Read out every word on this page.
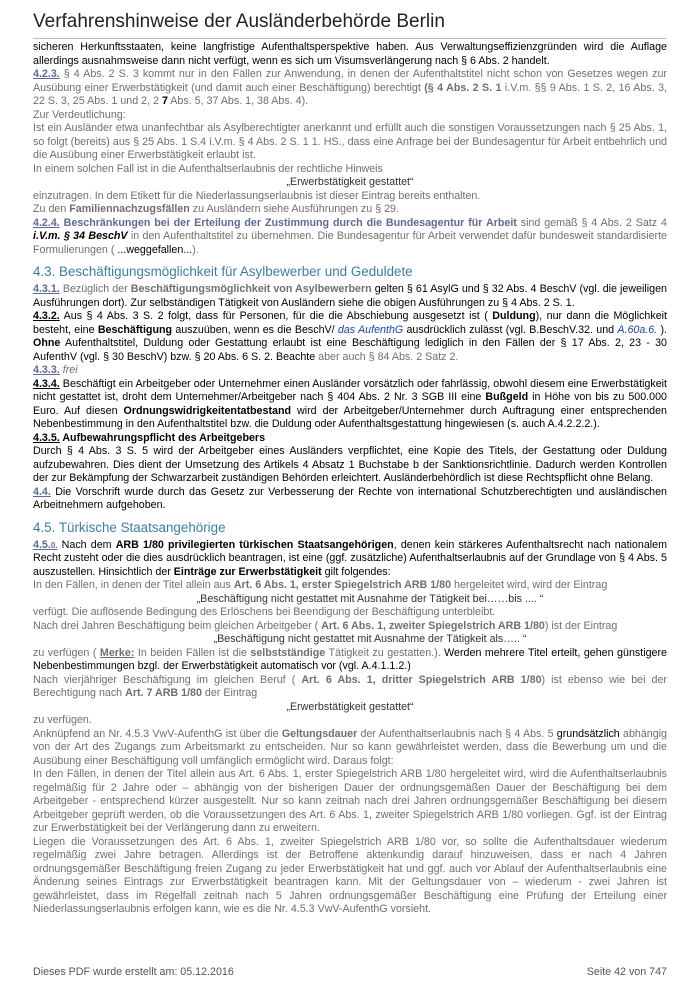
Verfahrenshinweise der Ausländerbehörde Berlin

sicheren Herkunftsstaaten, keine langfristige Aufenthaltsperspektive haben. Aus Verwaltungseffizienzgründen wird die Auflage allerdings ausnahmsweise dann nicht verfügt, wenn es sich um Visumsverlängerung nach § 6 Abs. 2 handelt.

4.2.3. § 4 Abs. 2 S. 3 kommt nur in den Fällen zur Anwendung, in denen der Aufenthaltstitel nicht schon von Gesetzes wegen zur Ausübung einer Erwerbstätigkeit (und damit auch einer Beschäftigung) berechtigt (§ 4 Abs. 2 S. 1 i.V.m. §§ 9 Abs. 1 S. 2, 16 Abs. 3, 22 S. 3, 25 Abs. 1 und 2, 2 7 Abs. 5, 37 Abs. 1, 38 Abs. 4).

Zur Verdeutlichung:

Ist ein Ausländer etwa unanfechtbar als Asylberechtigter anerkannt und erfüllt auch die sonstigen Voraussetzungen nach § 25 Abs. 1, so folgt (bereits) aus § 25 Abs. 1 S.4 i.V.m. § 4 Abs. 2 S. 1 1. HS., dass eine Anfrage bei der Bundesagentur für Arbeit entbehrlich und die Ausübung einer Erwerbstätigkeit erlaubt ist.

In einem solchen Fall ist in die Aufenthaltserlaubnis der rechtliche Hinweis

„Erwerbstätigkeit gestattet“

einzutragen. In dem Etikett für die Niederlassungserlaubnis ist dieser Eintrag bereits enthalten.

Zu den Familiennachzugsfällen zu Ausländern siehe Ausführungen zu § 29.

4.2.4. Beschränkungen bei der Erteilung der Zustimmung durch die Bundesagentur für Arbeit sind gemäß § 4 Abs. 2 Satz 4 i.V.m. § 34 BeschV in den Aufenthaltstitel zu übernehmen. Die Bundesagentur für Arbeit verwendet dafür bundesweit standardisierte Formulierungen ( ...weggefallen...).

4.3. Beschäftigungsmöglichkeit für Asylbewerber und Geduldete

4.3.1. Bezüglich der Beschäftigungsmöglichkeit von Asylbewerbern gelten § 61 AsylG und § 32 Abs. 4 BeschV (vgl. die jeweiligen Ausführungen dort). Zur selbständigen Tätigkeit von Ausländern siehe die obigen Ausführungen zu § 4 Abs. 2 S. 1.

4.3.2. Aus § 4 Abs. 3 S. 2 folgt, dass für Personen, für die die Abschiebung ausgesetzt ist ( Duldung), nur dann die Möglichkeit besteht, eine Beschäftigung auszuüben, wenn es die BeschV/ das AufenthG ausdrücklich zulässt (vgl. B.BeschV.32. und A.60a.6. ). Ohne Aufenthaltstitel, Duldung oder Gestattung erlaubt ist eine Beschäftigung lediglich in den Fällen der § 17 Abs. 2, 23 - 30 AufenthV (vgl. § 30 BeschV) bzw. § 20 Abs. 6 S. 2. Beachte aber auch § 84 Abs. 2 Satz 2.

4.3.3. frei

4.3.4. Beschäftigt ein Arbeitgeber oder Unternehmer einen Ausländer vorsätzlich oder fahrlässig, obwohl diesem eine Erwerbstätigkeit nicht gestattet ist, droht dem Unternehmer/Arbeitgeber nach § 404 Abs. 2 Nr. 3 SGB III eine Bußgeld in Höhe von bis zu 500.000 Euro. Auf diesen Ordnungswidrigkeitentatbestand wird der Arbeitgeber/Unternehmer durch Auftragung einer entsprechenden Nebenbestimmung in den Aufenthaltstitel bzw. die Duldung oder Aufenthaltsgestattung hingewiesen (s. auch A.4.2.2.2.).

4.3.5. Aufbewahrungspflicht des Arbeitgebers

Durch § 4 Abs. 3 S. 5 wird der Arbeitgeber eines Ausländers verpflichtet, eine Kopie des Titels, der Gestattung oder Duldung aufzubewahren. Dies dient der Umsetzung des Artikels 4 Absatz 1 Buchstabe b der Sanktionsrichtlinie. Dadurch werden Kontrollen der zur Bekämpfung der Schwarzarbeit zuständigen Behörden erleichtert. Ausländerbehördlich ist diese Rechtspflicht ohne Belang.

4.4. Die Vorschrift wurde durch das Gesetz zur Verbesserung der Rechte von international Schutzberechtigten und ausländischen Arbeitnehmern aufgehoben.

4.5. Türkische Staatsangehörige

4.5.0. Nach dem ARB 1/80 privilegierten türkischen Staatsangehörigen, denen kein stärkeres Aufenthaltsrecht nach nationalem Recht zusteht oder die dies ausdrücklich beantragen, ist eine (ggf. zusätzliche) Aufenthaltserlaubnis auf der Grundlage von § 4 Abs. 5 auszustellen. Hinsichtlich der Einträge zur Erwerbstätigkeit gilt folgendes:

In den Fällen, in denen der Titel allein aus Art. 6 Abs. 1, erster Spiegelstrich ARB 1/80 hergeleitet wird, wird der Eintrag

„Beschäftigung nicht gestattet mit Ausnahme der Tätigkeit bei……bis .... “

verfügt. Die auflösende Bedingung des Erlöschens bei Beendigung der Beschäftigung unterbleibt.

Nach drei Jahren Beschäftigung beim gleichen Arbeitgeber ( Art. 6 Abs. 1, zweiter Spiegelstrich ARB 1/80) ist der Eintrag

„Beschäftigung nicht gestattet mit Ausnahme der Tätigkeit als….. “

zu verfügen ( Merke: In beiden Fällen ist die selbstständige Tätigkeit zu gestatten.). Werden mehrere Titel erteilt, gehen günstigere Nebenbestimmungen bzgl. der Erwerbstätigkeit automatisch vor (vgl. A.4.1.1.2.)

Nach vierjähriger Beschäftigung im gleichen Beruf ( Art. 6 Abs. 1, dritter Spiegelstrich ARB 1/80) ist ebenso wie bei der Berechtigung nach Art. 7 ARB 1/80 der Eintrag

„Erwerbstätigkeit gestattet“

zu verfügen.

Anknüpfend an Nr. 4.5.3 VwV-AufenthG ist über die Geltungsdauer der Aufenthaltserlaubnis nach § 4 Abs. 5 grundsätzlich abhängig von der Art des Zugangs zum Arbeitsmarkt zu entscheiden. Nur so kann gewährleistet werden, dass die Bewerbung um und die Ausübung einer Beschäftigung voll umfänglich ermöglicht wird. Daraus folgt:

In den Fällen, in denen der Titel allein aus Art. 6 Abs. 1, erster Spiegelstrich ARB 1/80 hergeleitet wird, wird die Aufenthaltserlaubnis regelmäßig für 2 Jahre oder – abhängig von der bisherigen Dauer der ordnungsgemäßen Dauer der Beschäftigung bei dem Arbeitgeber - entsprechend kürzer ausgestellt. Nur so kann zeitnah nach drei Jahren ordnungsgemäßer Beschäftigung bei diesem Arbeitgeber geprüft werden, ob die Voraussetzungen des Art. 6 Abs. 1, zweiter Spiegelstrich ARB 1/80 vorliegen. Ggf. ist der Eintrag zur Erwerbstätigkeit bei der Verlängerung dann zu erweitern.

Liegen die Voraussetzungen des Art. 6 Abs. 1, zweiter Spiegelstrich ARB 1/80 vor, so sollte die Aufenthaltsdauer wiederum regelmäßig zwei Jahre betragen. Allerdings ist der Betroffene aktenkundig darauf hinzuweisen, dass er nach 4 Jahren ordnungsgemäßer Beschäftigung freien Zugang zu jeder Erwerbstätigkeit hat und ggf. auch vor Ablauf der Aufenthaltserlaubnis eine Änderung seines Eintrags zur Erwerbstätigkeit beantragen kann. Mit der Geltungsdauer von – wiederum - zwei Jahren ist gewährleistet, dass im Regelfall zeitnah nach 5 Jahren ordnungsgemäßer Beschäftigung eine Prüfung der Erteilung einer Niederlassungserlaubnis erfolgen kann, wie es die Nr. 4.5.3 VwV-AufenthG vorsieht.

Dieses PDF wurde erstellt am: 05.12.2016	Seite 42 von 747
